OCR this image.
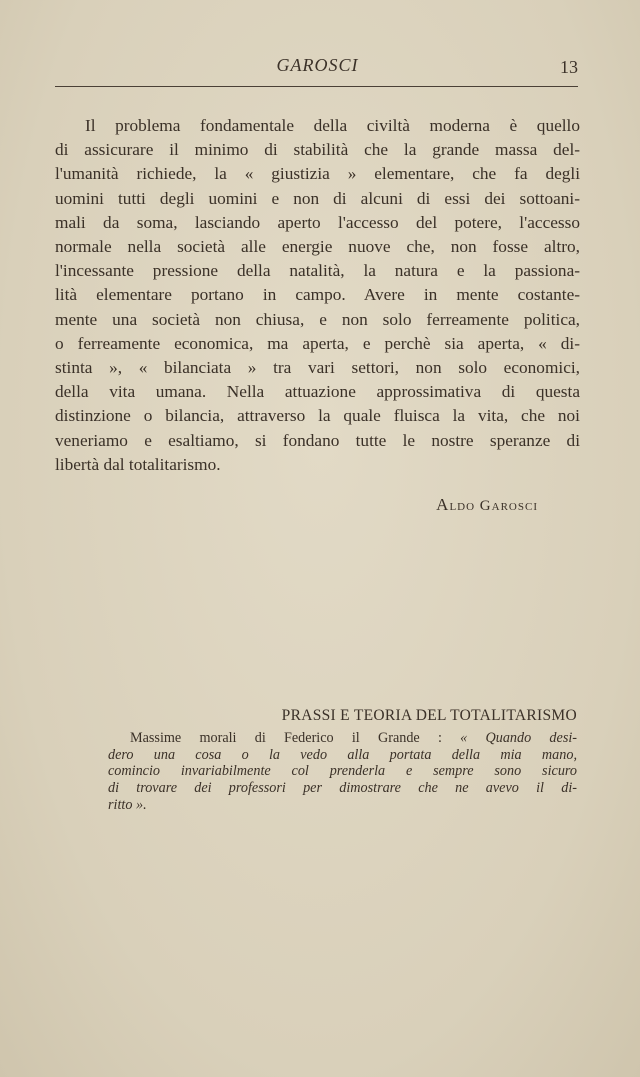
GAROSCI	13
Il problema fondamentale della civiltà moderna è quello
di assicurare il minimo di stabilità che la grande massa del-
l'umanità richiede, la « giustizia » elementare, che fa degli
uomini tutti degli uomini e non di alcuni di essi dei sottoani-
mali da soma, lasciando aperto l'accesso del potere, l'accesso
normale nella società alle energie nuove che, non fosse altro,
l'incessante pressione della natalità, la natura e la passiona-
lità elementare portano in campo. Avere in mente costante-
mente una società non chiusa, e non solo ferreamente politica,
o ferreamente economica, ma aperta, e perchè sia aperta, « di-
stinta », « bilanciata » tra vari settori, non solo economici,
della vita umana. Nella attuazione approssimativa di questa
distinzione o bilancia, attraverso la quale fluisca la vita, che noi
veneriamo e esaltiamo, si fondano tutte le nostre speranze di
libertà dal totalitarismo.
Aldo Garosci
PRASSI E TEORIA DEL TOTALITARISMO
Massime morali di Federico il Grande : « Quando desi-
dero una cosa o la vedo alla portata della mia mano,
comincio invariabilmente col prenderla e sempre sono sicuro
di trovare dei professori per dimostrare che ne avevo il di-
ritto ».
